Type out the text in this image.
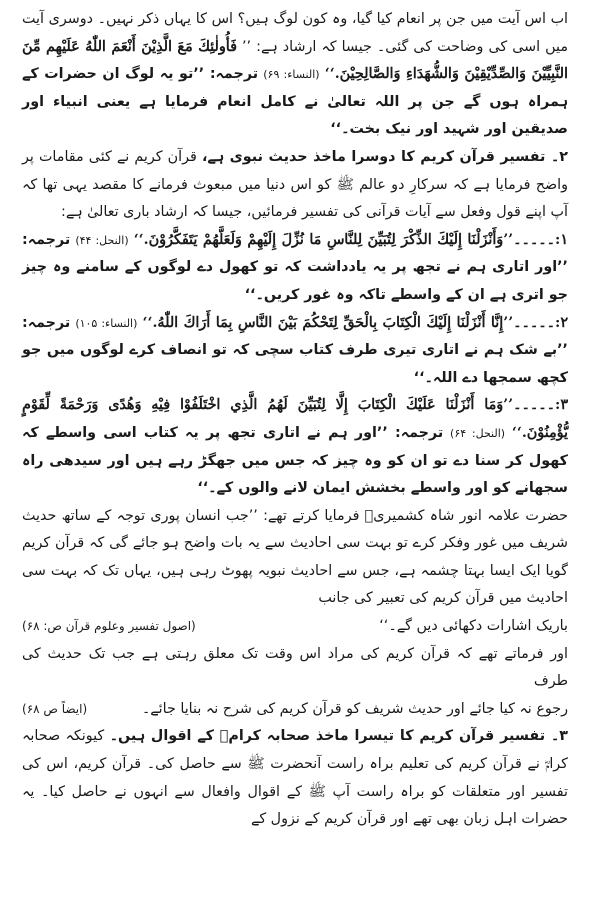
اب اس آیت میں جن پر انعام کیا گیا، وہ کون لوگ ہیں؟ اس کا یہاں ذکر نہیں۔ دوسری آیت میں اسی کی وضاحت کی گئی۔ جیسا کہ ارشاد ہے: ’’ فَأُولٰئِكَ مَعَ الَّذِيْنَ أَنْعَمَ اللّٰهُ عَلَيْهِم مِّنَ النَّبِيِّيْنَ وَالصِّدِّيْقِيْنَ وَالشُّهَدَاءِ وَالصَّالِحِيْنَ.‘‘ (النساء: ۶۹) ترجمہ: ’’تو یہ لوگ ان حضرات کے ہمراہ ہوں گے جن پر اللہ تعالیٰ نے کامل انعام فرمایا ہے یعنی انبیاء اور صدیقین اور شہید اور نیک بخت۔‘‘

۲۔ تفسیر قرآن کریم کا دوسرا ماخذ حدیث نبوی ہے، قرآن کریم نے کئی مقامات پر واضح فرمایا ہے کہ سرکارِ دو عالم ﷺ کو اس دنیا میں مبعوث فرمانے کا مقصد یہی تھا کہ آپ اپنے قول وفعل سے آیات قرآنی کی تفسیر فرمائیں، جیسا کہ ارشاد باری تعالیٰ ہے:

۱:۔۔۔۔۔’’وَأَنْزَلْنَا إِلَيْكَ الذِّكْرَ لِتُبَيِّنَ لِلنَّاسِ مَا نُزِّلَ إِلَيْهِمْ وَلَعَلَّهُمْ يَتَفَكَّرُوْنَ.‘‘ (النحل: ۴۴) ترجمہ: ’’اور اتاری ہم نے تجھ پر یہ یادداشت کہ تو کھول دے لوگوں کے سامنے وہ چیز جو اتری ہے ان کے واسطے تاکہ وہ غور کریں۔‘‘

۲:۔۔۔۔۔’’إِنَّا أَنْزَلْنَا إِلَيْكَ الْكِتَابَ بِالْحَقِّ لِتَحْكُمَ بَيْنَ النَّاسِ بِمَا أَرَاكَ اللّٰهُ.‘‘ (النساء: ۱۰۵) ترجمہ: ’’بے شک ہم نے اتاری تیری طرف کتاب سچی کہ تو انصاف کرے لوگوں میں جو کچھ سمجھا دے اللہ۔‘‘

۳:۔۔۔۔۔’’وَمَا أَنْزَلْنَا عَلَيْكَ الْكِتَابَ إِلَّا لِتُبَيِّنَ لَهُمُ الَّذِي اخْتَلَفُوْا فِيْهِ وَهُدًى وَرَحْمَةً لِّقَوْمٍ يُّؤْمِنُوْنَ.‘‘ (النحل: ۶۴) ترجمہ: ’’اور ہم نے اتاری تجھ پر یہ کتاب اسی واسطے کہ کھول کر سنا دے تو ان کو وہ چیز کہ جس میں جھگڑ رہے ہیں اور سیدھی راہ سجھانے کو اور واسطے بخشش ایمان لانے والوں کے۔‘‘

حضرت علامہ انور شاہ کشمیریؒ فرمایا کرتے تھے: ’’جب انسان پوری توجہ کے ساتھ حدیث شریف میں غور وفکر کرے تو بہت سی احادیث سے یہ بات واضح ہو جائے گی کہ قرآن کریم گویا ایک ایسا بہتا چشمہ ہے، جس سے احادیث نبویہ پھوٹ رہی ہیں، یہاں تک کہ بہت سی احادیث میں قرآن کریم کی تعبیر کی جانب

باریک اشارات دکھائی دیں گے۔‘‘
(اصول تفسیر وعلوم قرآن ص: ۶۸)

اور فرماتے تھے کہ قرآن کریم کی مراد اس وقت تک معلق رہتی ہے جب تک حدیث کی طرف

رجوع نہ کیا جائے اور حدیث شریف کو قرآن کریم کی شرح نہ بنایا جائے۔
(ایضاً ص ۶۸)

۳۔ تفسیر قرآن کریم کا تیسرا ماخذ صحابہ کرامؓ کے اقوال ہیں۔ کیونکہ صحابہ کرامؓ نے قرآن کریم کی تعلیم براہ راست آنحضرت ﷺ سے حاصل کی۔ قرآن کریم، اس کی تفسیر اور متعلقات کو براہ راست آپ ﷺ کے اقوال وافعال سے انہوں نے حاصل کیا۔ یہ حضرات اہل زبان بھی تھے اور قرآن کریم کے نزول کے
